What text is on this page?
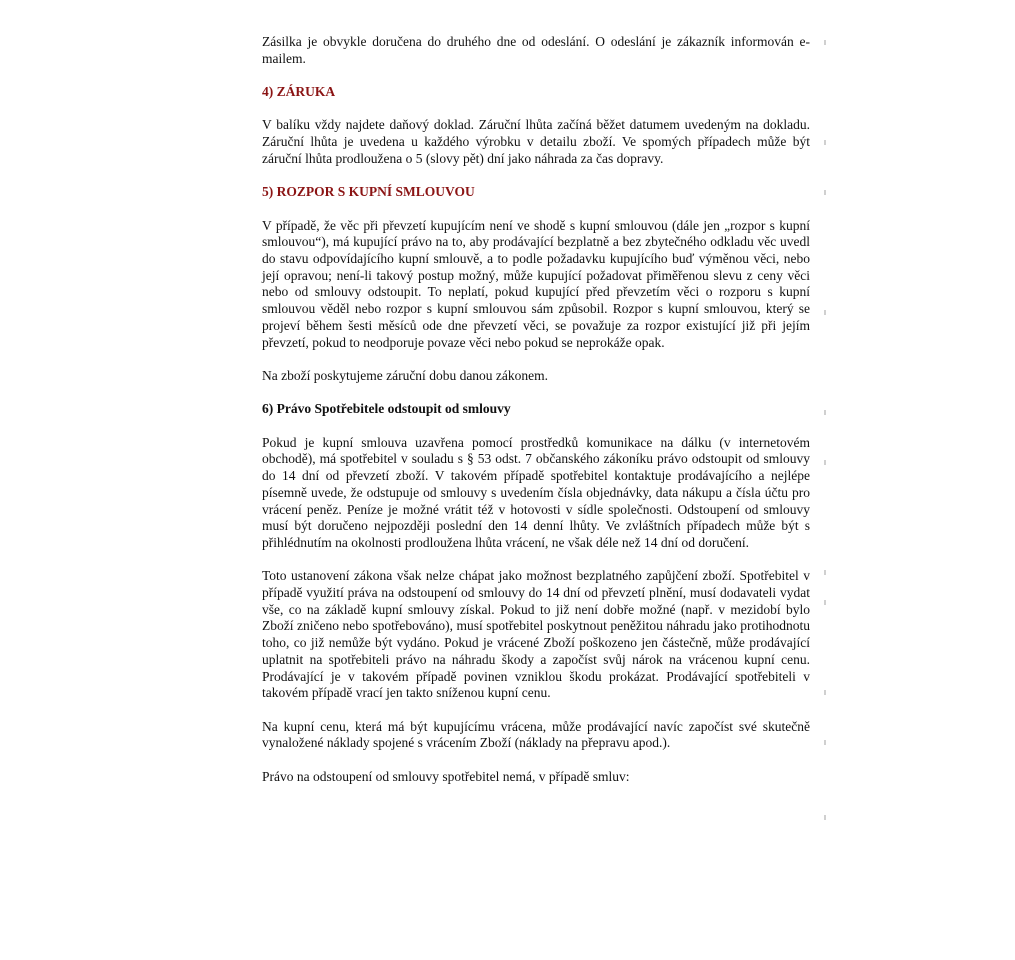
Zásilka je obvykle doručena do druhého dne od odeslání. O odeslání je zákazník informován e-mailem.

4) ZÁRUKA

V balíku vždy najdete daňový doklad. Záruční lhůta začíná běžet datumem uvedeným na dokladu. Záruční lhůta je uvedena u každého výrobku v detailu zboží. Ve spomých případech může být záruční lhůta prodloužena o 5 (slovy pět) dní jako náhrada za čas dopravy.

5) ROZPOR S KUPNÍ SMLOUVOU

V případě, že věc při převzetí kupujícím není ve shodě s kupní smlouvou (dále jen „rozpor s kupní smlouvou“), má kupující právo na to, aby prodávající bezplatně a bez zbytečného odkladu věc uvedl do stavu odpovídajícího kupní smlouvě, a to podle požadavku kupujícího buď výměnou věci, nebo její opravou; není-li takový postup možný, může kupující požadovat přiměřenou slevu z ceny věci nebo od smlouvy odstoupit. To neplatí, pokud kupující před převzetím věci o rozporu s kupní smlouvou věděl nebo rozpor s kupní smlouvou sám způsobil. Rozpor s kupní smlouvou, který se projeví během šesti měsíců ode dne převzetí věci, se považuje za rozpor existující již při jejím převzetí, pokud to neodporuje povaze věci nebo pokud se neprokáže opak.

Na zboží poskytujeme záruční dobu danou zákonem.

6) Právo Spotřebitele odstoupit od smlouvy

Pokud je kupní smlouva uzavřena pomocí prostředků komunikace na dálku (v internetovém obchodě), má spotřebitel v souladu s § 53 odst. 7 občanského zákoníku právo odstoupit od smlouvy do 14 dní od převzetí zboží. V takovém případě spotřebitel kontaktuje prodávajícího a nejlépe písemně uvede, že odstupuje od smlouvy s uvedením čísla objednávky, data nákupu a čísla účtu pro vrácení peněz. Peníze je možné vrátit též v hotovosti v sídle společnosti. Odstoupení od smlouvy musí být doručeno nejpozději poslední den 14 denní lhůty. Ve zvláštních případech může být s přihlédnutím na okolnosti prodloužena lhůta vrácení, ne však déle než 14 dní od doručení.

Toto ustanovení zákona však nelze chápat jako možnost bezplatného zapůjčení zboží. Spotřebitel v případě využití práva na odstoupení od smlouvy do 14 dní od převzetí plnění, musí dodavateli vydat vše, co na základě kupní smlouvy získal. Pokud to již není dobře možné (např. v mezidobí bylo Zboží zničeno nebo spotřebováno), musí spotřebitel poskytnout peněžitou náhradu jako protihodnotu toho, co již nemůže být vydáno. Pokud je vrácené Zboží poškozeno jen částečně, může prodávající uplatnit na spotřebiteli právo na náhradu škody a započíst svůj nárok na vrácenou kupní cenu. Prodávající je v takovém případě povinen vzniklou škodu prokázat. Prodávající spotřebiteli v takovém případě vrací jen takto sníženou kupní cenu.

Na kupní cenu, která má být kupujícímu vrácena, může prodávající navíc započíst své skutečně vynaložené náklady spojené s vrácením Zboží (náklady na přepravu apod.).

Právo na odstoupení od smlouvy spotřebitel nemá, v případě smluv:
